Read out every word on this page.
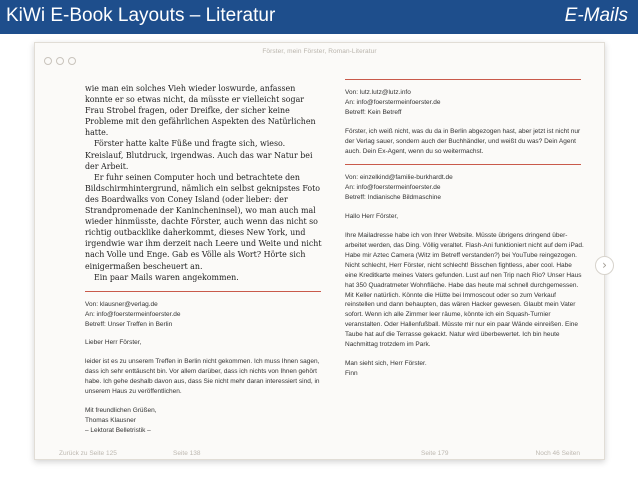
KiWi E-Book Layouts – Literatur	E-Mails
Förster, mein Förster, Roman-Literatur
›

wie man ein solches Vieh wieder loswurde, anfassen konnte er so etwas nicht, da müsste er vielleicht sogar Frau Strobel fragen, oder Dreifke, der sicher keine Probleme mit den gefährlichen Aspekten des Natürlichen hatte.

Förster hatte kalte Füße und fragte sich, wieso. Kreislauf, Blutdruck, irgendwas. Auch das war Natur bei der Arbeit.

Er fuhr seinen Computer hoch und betrachtete den Bildschirmhintergrund, nämlich ein selbst geknipstes Foto des Boardwalks von Coney Island (oder lieber: der Strandpromenade der Kanincheninsel), wo man auch mal wieder hinmüsste, dachte Förster, auch wenn das nicht so richtig outbacklike daherkommt, dieses New York, und irgendwie war ihm derzeit nach Leere und Weite und nicht nach Volle und Enge. Gab es Völle als Wort? Hörte sich einigermaßen bescheuert an.

Ein paar Mails waren angekommen.

Von: klausner@verlag.de

An: info@foerstermeinfoerster.de

Betreff: Unser Treffen in Berlin

Lieber Herr Förster,

leider ist es zu unserem Treffen in Berlin nicht gekommen. Ich muss Ihnen sagen, dass ich sehr enttäuscht bin. Vor allem darüber, dass ich nichts von Ihnen gehört habe. Ich gehe deshalb davon aus, dass Sie nicht mehr daran interessiert sind, in unserem Haus zu veröffentlichen.

Mit freundlichen Grüßen,

Thomas Klausner

– Lektorat Belletristik –

Von: lutz.lutz@lutz.info

An: info@foerstermeinfoerster.de

Betreff: Kein Betreff

Förster, ich weiß nicht, was du da in Berlin abgezogen hast, aber jetzt ist nicht nur der Verlag sauer, sondern auch der Buchhändler, und weißt du was? Dein Agent auch. Dein Ex-Agent, wenn du so weitermachst.

Von: einzelkind@familie-burkhardt.de

An: info@foerstermeinfoerster.de

Betreff: Indianische Bildmaschine

Hallo Herr Förster,

Ihre Mailadresse habe ich von Ihrer Website. Müsste übrigens dringend überarbeitet werden, das Ding. Völlig veraltet. Flash-Ani funktioniert nicht auf dem iPad. Habe mir Aztec Camera (Witz im Betreff verstanden?) bei YouTube reingezogen. Nicht schlecht, Herr Förster, nicht schlecht! Bisschen fightless, aber cool. Habe eine Kreditkarte meines Vaters gefunden. Lust auf nen Trip nach Rio? Unser Haus hat 350 Quadratmeter Wohnfläche. Habe das heute mal schnell durchgemessen. Mit Keller natürlich. Könnte die Hütte bei Immoscout oder so zum Verkauf reinstellen und dann behaupten, das wären Hacker gewesen. Glaubt mein Vater sofort. Wenn ich alle Zimmer leer räume, könnte ich ein Squash-Turnier veranstalten. Oder Hallenfußball. Müsste mir nur ein paar Wände einreißen. Eine Taube hat auf die Terrasse gekackt. Natur wird überbewertet. Ich bin heute Nachmittag trotzdem im Park.

Man sieht sich, Herr Förster.

Finn

Zurück zu Seite 125	Seite 138	Seite 179	Noch 46 Seiten
